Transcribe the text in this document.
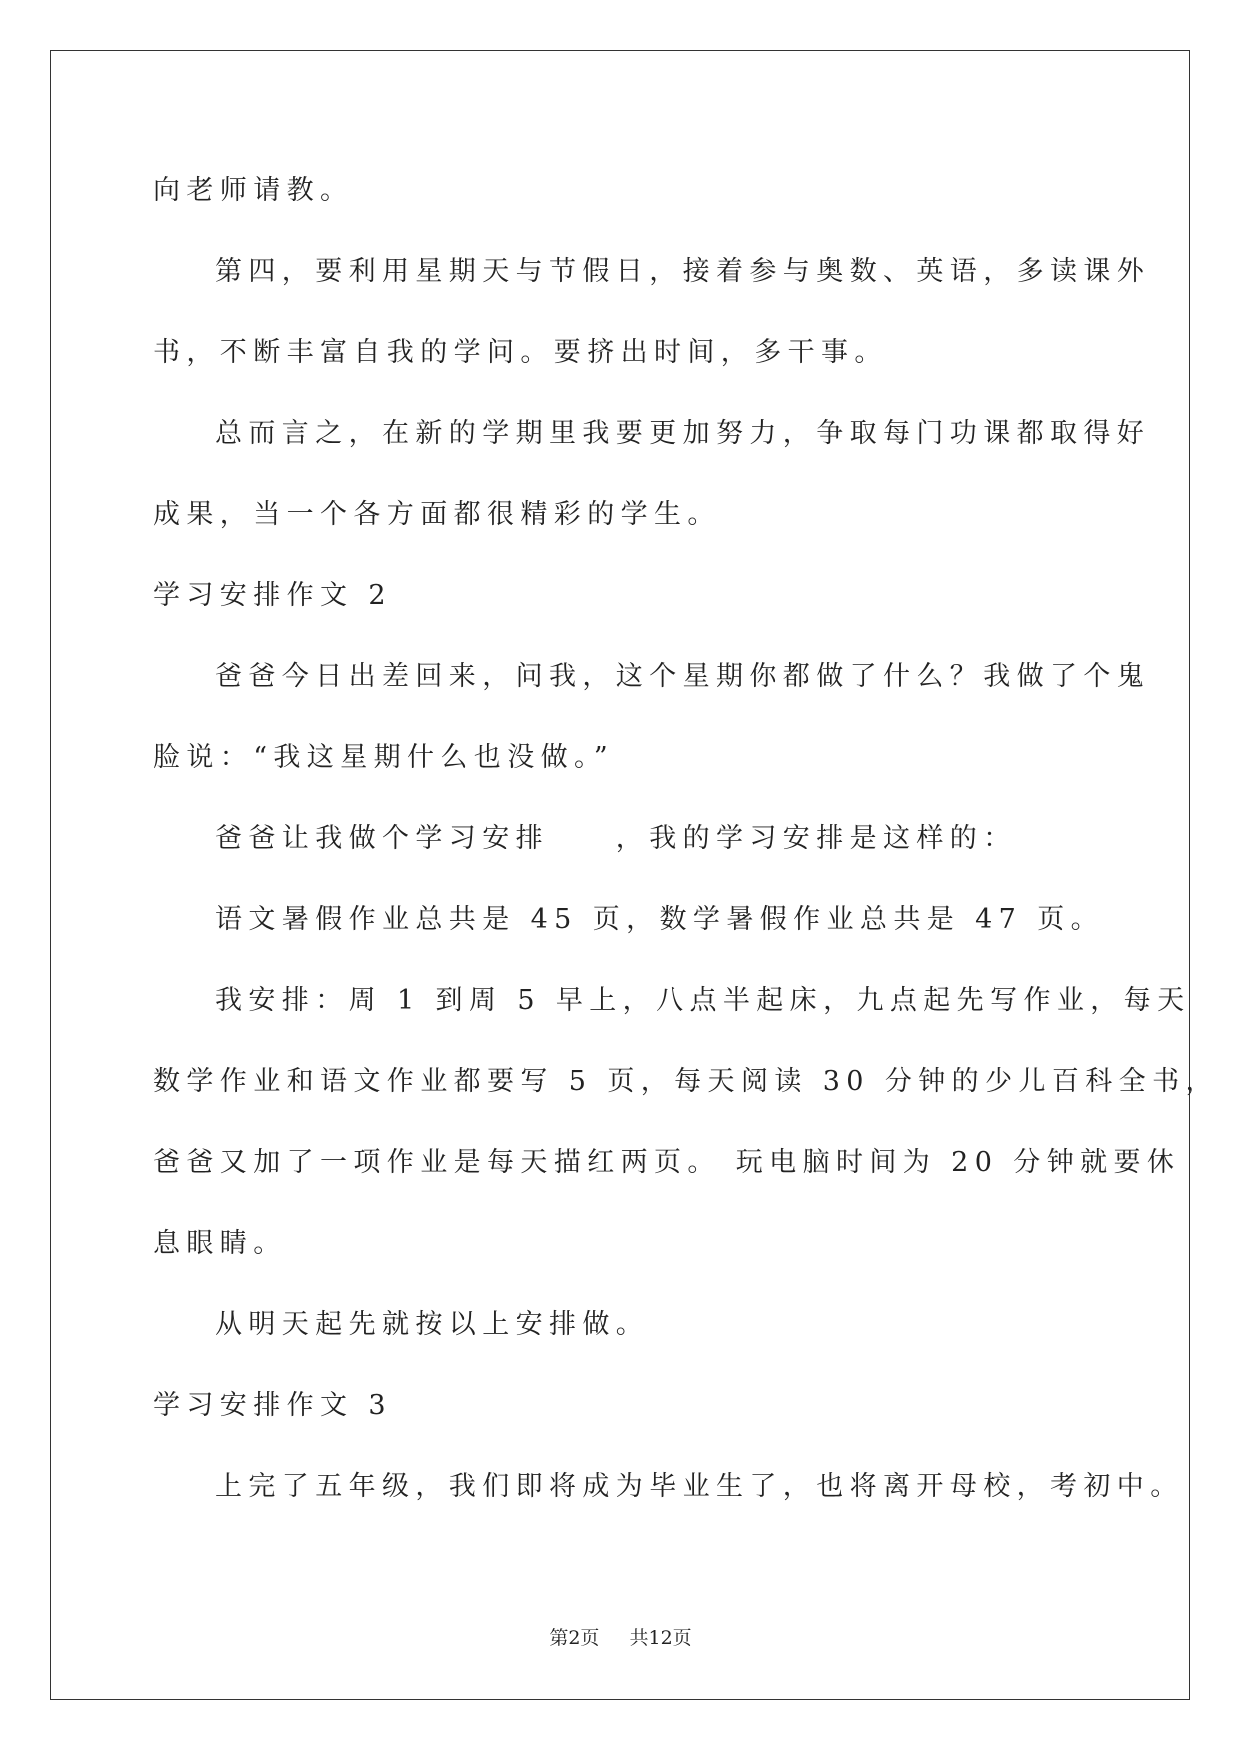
向老师请教。
第四，要利用星期天与节假日，接着参与奥数、英语，多读课外
书，不断丰富自我的学问。要挤出时间，多干事。
总而言之，在新的学期里我要更加努力，争取每门功课都取得好
成果，当一个各方面都很精彩的学生。
学习安排作文 2
爸爸今日出差回来，问我，这个星期你都做了什么？我做了个鬼
脸说：“我这星期什么也没做。”
爸爸让我做个学习安排　　，我的学习安排是这样的：
语文暑假作业总共是 45 页，数学暑假作业总共是 47 页。
我安排：周 1 到周 5 早上，八点半起床，九点起先写作业，每天
数学作业和语文作业都要写 5 页，每天阅读 30 分钟的少儿百科全书，
爸爸又加了一项作业是每天描红两页。 玩电脑时间为 20 分钟就要休
息眼睛。
从明天起先就按以上安排做。
学习安排作文 3
上完了五年级，我们即将成为毕业生了，也将离开母校，考初中。
第2页 共12页
